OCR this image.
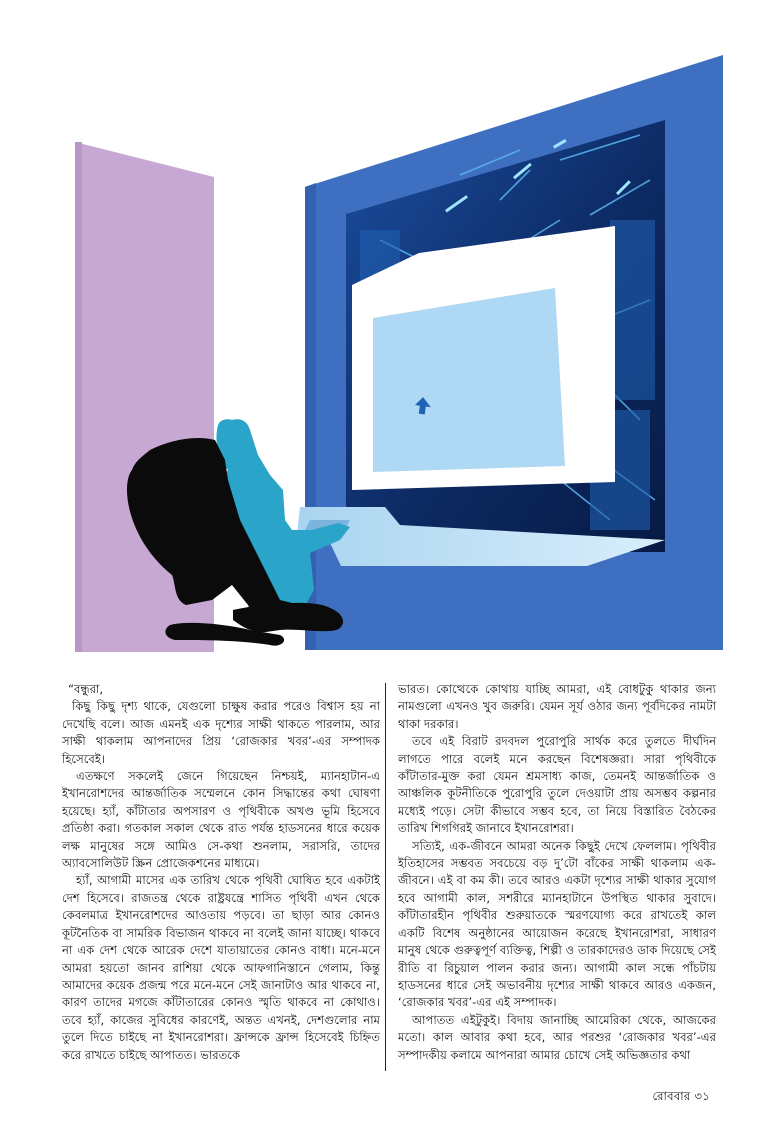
“বন্ধুরা,

কিছু কিছু দৃশ্য থাকে, যেগুলো চাক্ষুষ করার পরেও বিশ্বাস হয় না দেখেছি বলে। আজ এমনই এক দৃশ্যের সাক্ষী থাকতে পারলাম, আর সাক্ষী থাকলাম আপনাদের প্রিয় ‘রোজকার খবর’-এর সম্পাদক হিসেবেই।

এতক্ষণে সকলেই জেনে গিয়েছেন নিশ্চয়ই, ম্যানহাটান-এ ইখানরোশদের আন্তর্জাতিক সম্মেলনে কোন সিদ্ধান্তের কথা ঘোষণা হয়েছে। হ্যাঁ, কাঁটাতার অপসারণ ও পৃথিবীকে অখণ্ড ভূমি হিসেবে প্রতিষ্ঠা করা। গতকাল সকাল থেকে রাত পর্যন্ত হাডসনের ধারে কয়েক লক্ষ মানুষের সঙ্গে আমিও সে-কথা শুনলাম, সরাসরি, তাদের অ্যাবসোলিউট স্ক্রিন প্রোজেকশনের মাধ্যমে।

হ্যাঁ, আগামী মাসের এক তারিখ থেকে পৃথিবী ঘোষিত হবে একটাই দেশ হিসেবে। রাজতন্ত্র থেকে রাষ্ট্রযন্ত্রে শাসিত পৃথিবী এখন থেকে কেবলমাত্র ইখানরোশদের আওতায় পড়বে। তা ছাড়া আর কোনও কূটনৈতিক বা সামরিক বিভাজন থাকবে না বলেই জানা যাচ্ছে। থাকবে না এক দেশ থেকে আরেক দেশে যাতায়াতের কোনও বাধা। মনে-মনে আমরা হয়তো জানব রাশিয়া থেকে আফগানিস্তানে গেলাম, কিন্তু আমাদের কয়েক প্রজন্ম পরে মনে-মনে সেই জানাটাও আর থাকবে না, কারণ তাদের মগজে কাঁটাতারের কোনও স্মৃতি থাকবে না কোথাও। তবে হ্যাঁ, কাজের সুবিধের কারণেই, অন্তত এখনই, দেশগুলোর নাম তুলে দিতে চাইছে না ইখানরোশরা। ফ্রান্সকে ফ্রান্স হিসেবেই চিহ্নিত করে রাখতে চাইছে আপাতত। ভারতকে

ভারত। কোত্থেকে কোথায় যাচ্ছি আমরা, এই বোধটুকু থাকার জন্য নামগুলো এখনও খুব জরুরি। যেমন সূর্য ওঠার জন্য পূর্বদিকের নামটা থাকা দরকার।

তবে এই বিরাট রদবদল পুরোপুরি সার্থক করে তুলতে দীর্ঘদিন লাগতে পারে বলেই মনে করছেন বিশেষজ্ঞরা। সারা পৃথিবীকে কাঁটাতার-মুক্ত করা যেমন শ্রমসাধ্য কাজ, তেমনই আন্তর্জাতিক ও আঞ্চলিক কূটনীতিকে পুরোপুরি তুলে দেওয়াটা প্রায় অসম্ভব কল্পনার মধ্যেই পড়ে। সেটা কীভাবে সম্ভব হবে, তা নিয়ে বিস্তারিত বৈঠকের তারিখ শিগগিরই জানাবে ইখানরোশরা।

সত্যিই, এক-জীবনে আমরা অনেক কিছুই দেখে ফেললাম। পৃথিবীর ইতিহাসের সম্ভবত সবচেয়ে বড় দু’টো বাঁকের সাক্ষী থাকলাম এক-জীবনে। এই বা কম কী। তবে আরও একটা দৃশ্যের সাক্ষী থাকার সুযোগ হবে আগামী কাল, সশরীরে ম্যানহাটানে উপস্থিত থাকার সুবাদে। কাঁটাতারহীন পৃথিবীর শুরুয়াতকে স্মরণযোগ্য করে রাখতেই কাল একটি বিশেষ অনুষ্ঠানের আয়োজন করেছে ইখানরোশরা, সাধারণ মানুষ থেকে গুরুত্বপূর্ণ ব্যক্তিত্ব, শিল্পী ও তারকাদেরও ডাক দিয়েছে সেই রীতি বা রিচুয়াল পালন করার জন্য। আগামী কাল সন্ধে পাঁচটায় হাডসনের ধারে সেই অভাবনীয় দৃশ্যের সাক্ষী থাকবে আরও একজন, ‘রোজকার খবর’-এর এই সম্পাদক।

আপাতত এইটুকুই। বিদায় জানাচ্ছি আমেরিকা থেকে, আজকের মতো। কাল আবার কথা হবে, আর পরশুর ‘রোজকার খবর’-এর সম্পাদকীয় কলামে আপনারা আমার চোখে সেই অভিজ্ঞতার কথা

রোববার ৩১
